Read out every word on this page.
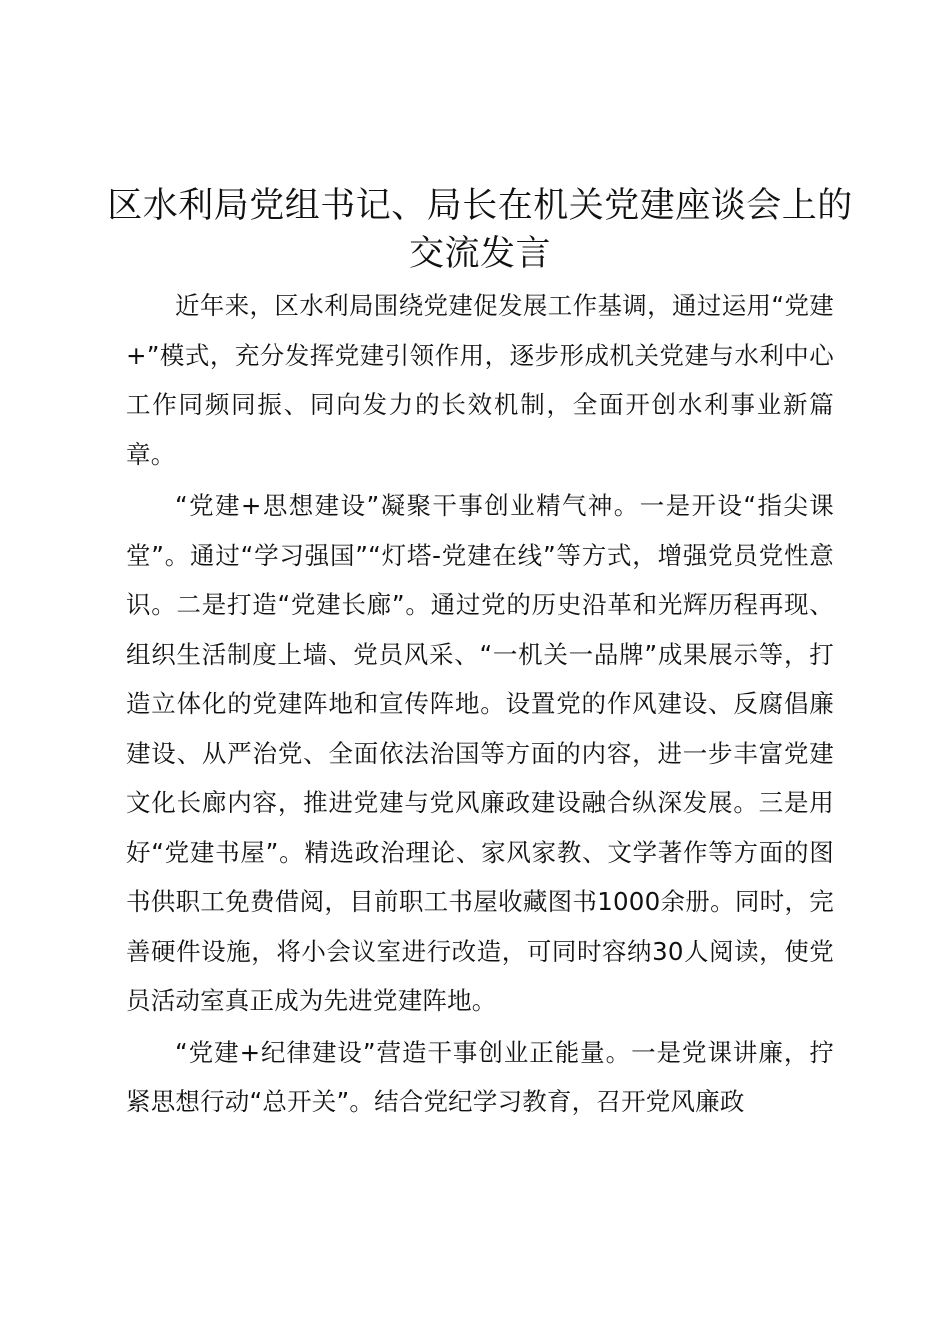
区水利局党组书记、局长在机关党建座谈会上的交流发言

近年来，区水利局围绕党建促发展工作基调，通过运用“党建+”模式，充分发挥党建引领作用，逐步形成机关党建与水利中心工作同频同振、同向发力的长效机制，全面开创水利事业新篇章。

“党建+思想建设”凝聚干事创业精气神。一是开设“指尖课堂”。通过“学习强国”“灯塔-党建在线”等方式，增强党员党性意识。二是打造“党建长廊”。通过党的历史沿革和光辉历程再现、组织生活制度上墙、党员风采、“一机关一品牌”成果展示等，打造立体化的党建阵地和宣传阵地。设置党的作风建设、反腐倡廉建设、从严治党、全面依法治国等方面的内容，进一步丰富党建文化长廊内容，推进党建与党风廉政建设融合纵深发展。三是用好“党建书屋”。精选政治理论、家风家教、文学著作等方面的图书供职工免费借阅，目前职工书屋收藏图书1000余册。同时，完善硬件设施，将小会议室进行改造，可同时容纳30人阅读，使党员活动室真正成为先进党建阵地。

“党建+纪律建设”营造干事创业正能量。一是党课讲廉，拧紧思想行动“总开关”。结合党纪学习教育，召开党风廉政
